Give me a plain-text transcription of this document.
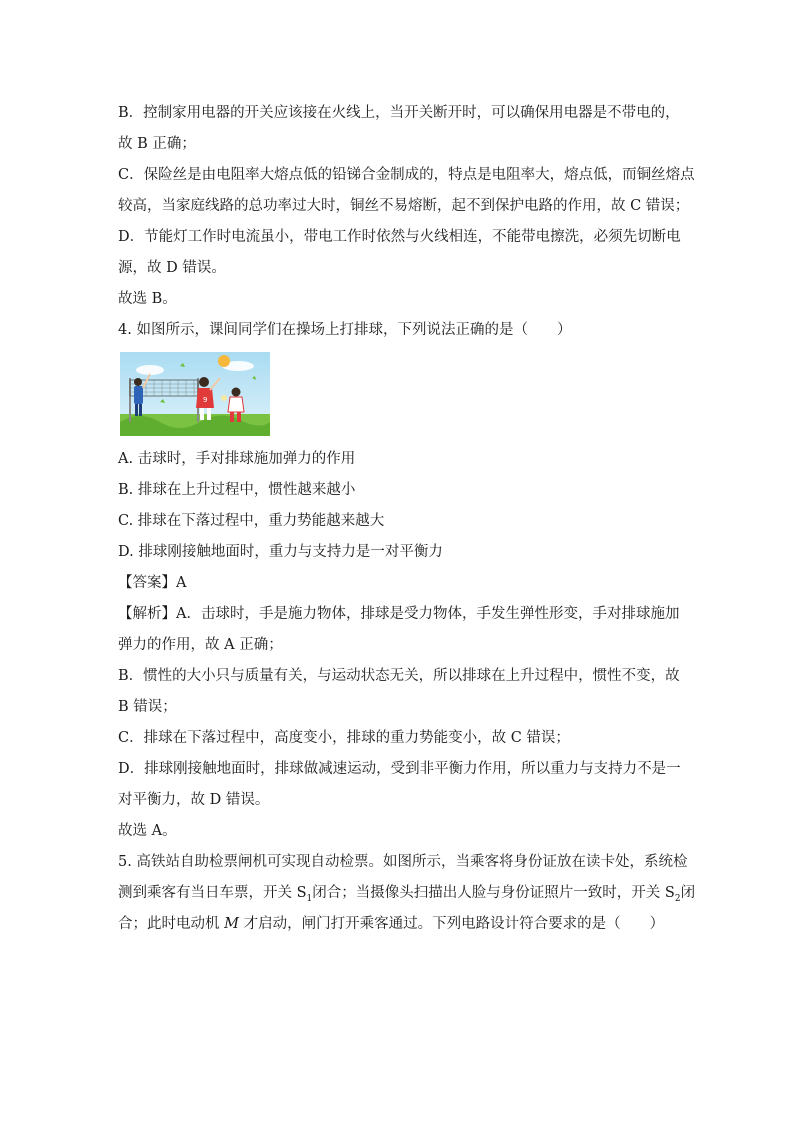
B．控制家用电器的开关应该接在火线上，当开关断开时，可以确保用电器是不带电的，

故 B 正确；

C．保险丝是由电阻率大熔点低的铅锑合金制成的，特点是电阻率大，熔点低，而铜丝熔点

较高，当家庭线路的总功率过大时，铜丝不易熔断，起不到保护电路的作用，故 C 错误；

D．节能灯工作时电流虽小，带电工作时依然与火线相连，不能带电擦洗，必须先切断电

源，故 D 错误。

故选 B。

4. 如图所示，课间同学们在操场上打排球，下列说法正确的是（　　）

9

A. 击球时，手对排球施加弹力的作用

B. 排球在上升过程中，惯性越来越小

C. 排球在下落过程中，重力势能越来越大

D. 排球刚接触地面时，重力与支持力是一对平衡力

【答案】A

【解析】A．击球时，手是施力物体，排球是受力物体，手发生弹性形变，手对排球施加

弹力的作用，故 A 正确；

B．惯性的大小只与质量有关，与运动状态无关，所以排球在上升过程中，惯性不变，故

B 错误；

C．排球在下落过程中，高度变小，排球的重力势能变小，故 C 错误；

D．排球刚接触地面时，排球做减速运动，受到非平衡力作用，所以重力与支持力不是一

对平衡力，故 D 错误。

故选 A。

5. 高铁站自助检票闸机可实现自动检票。如图所示，当乘客将身份证放在读卡处，系统检

测到乘客有当日车票，开关 $S_1$闭合；当摄像头扫描出人脸与身份证照片一致时，开关 $S_2$闭

合；此时电动机 M 才启动，闸门打开乘客通过。下列电路设计符合要求的是（　　）
